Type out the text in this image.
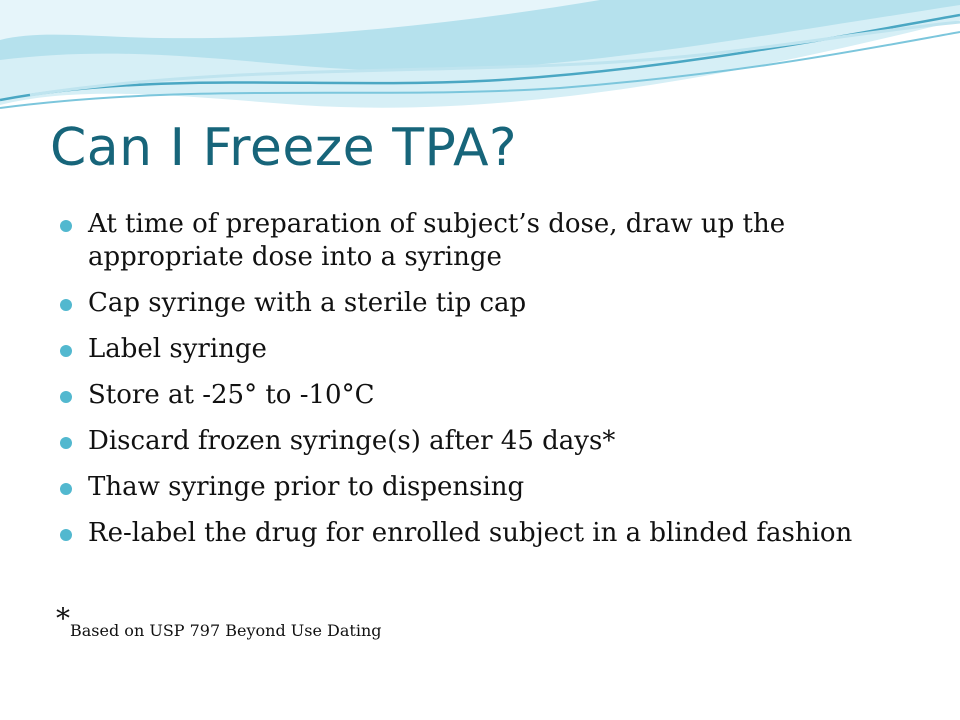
Can I Freeze TPA?
At time of preparation of subject’s dose, draw up the appropriate dose into a syringe
Cap syringe with a sterile tip cap
Label syringe
Store at -25° to -10°C
Discard frozen syringe(s) after 45 days*
Thaw syringe prior to dispensing
Re-label the drug for enrolled subject in a blinded fashion
*Based on USP 797 Beyond Use Dating
